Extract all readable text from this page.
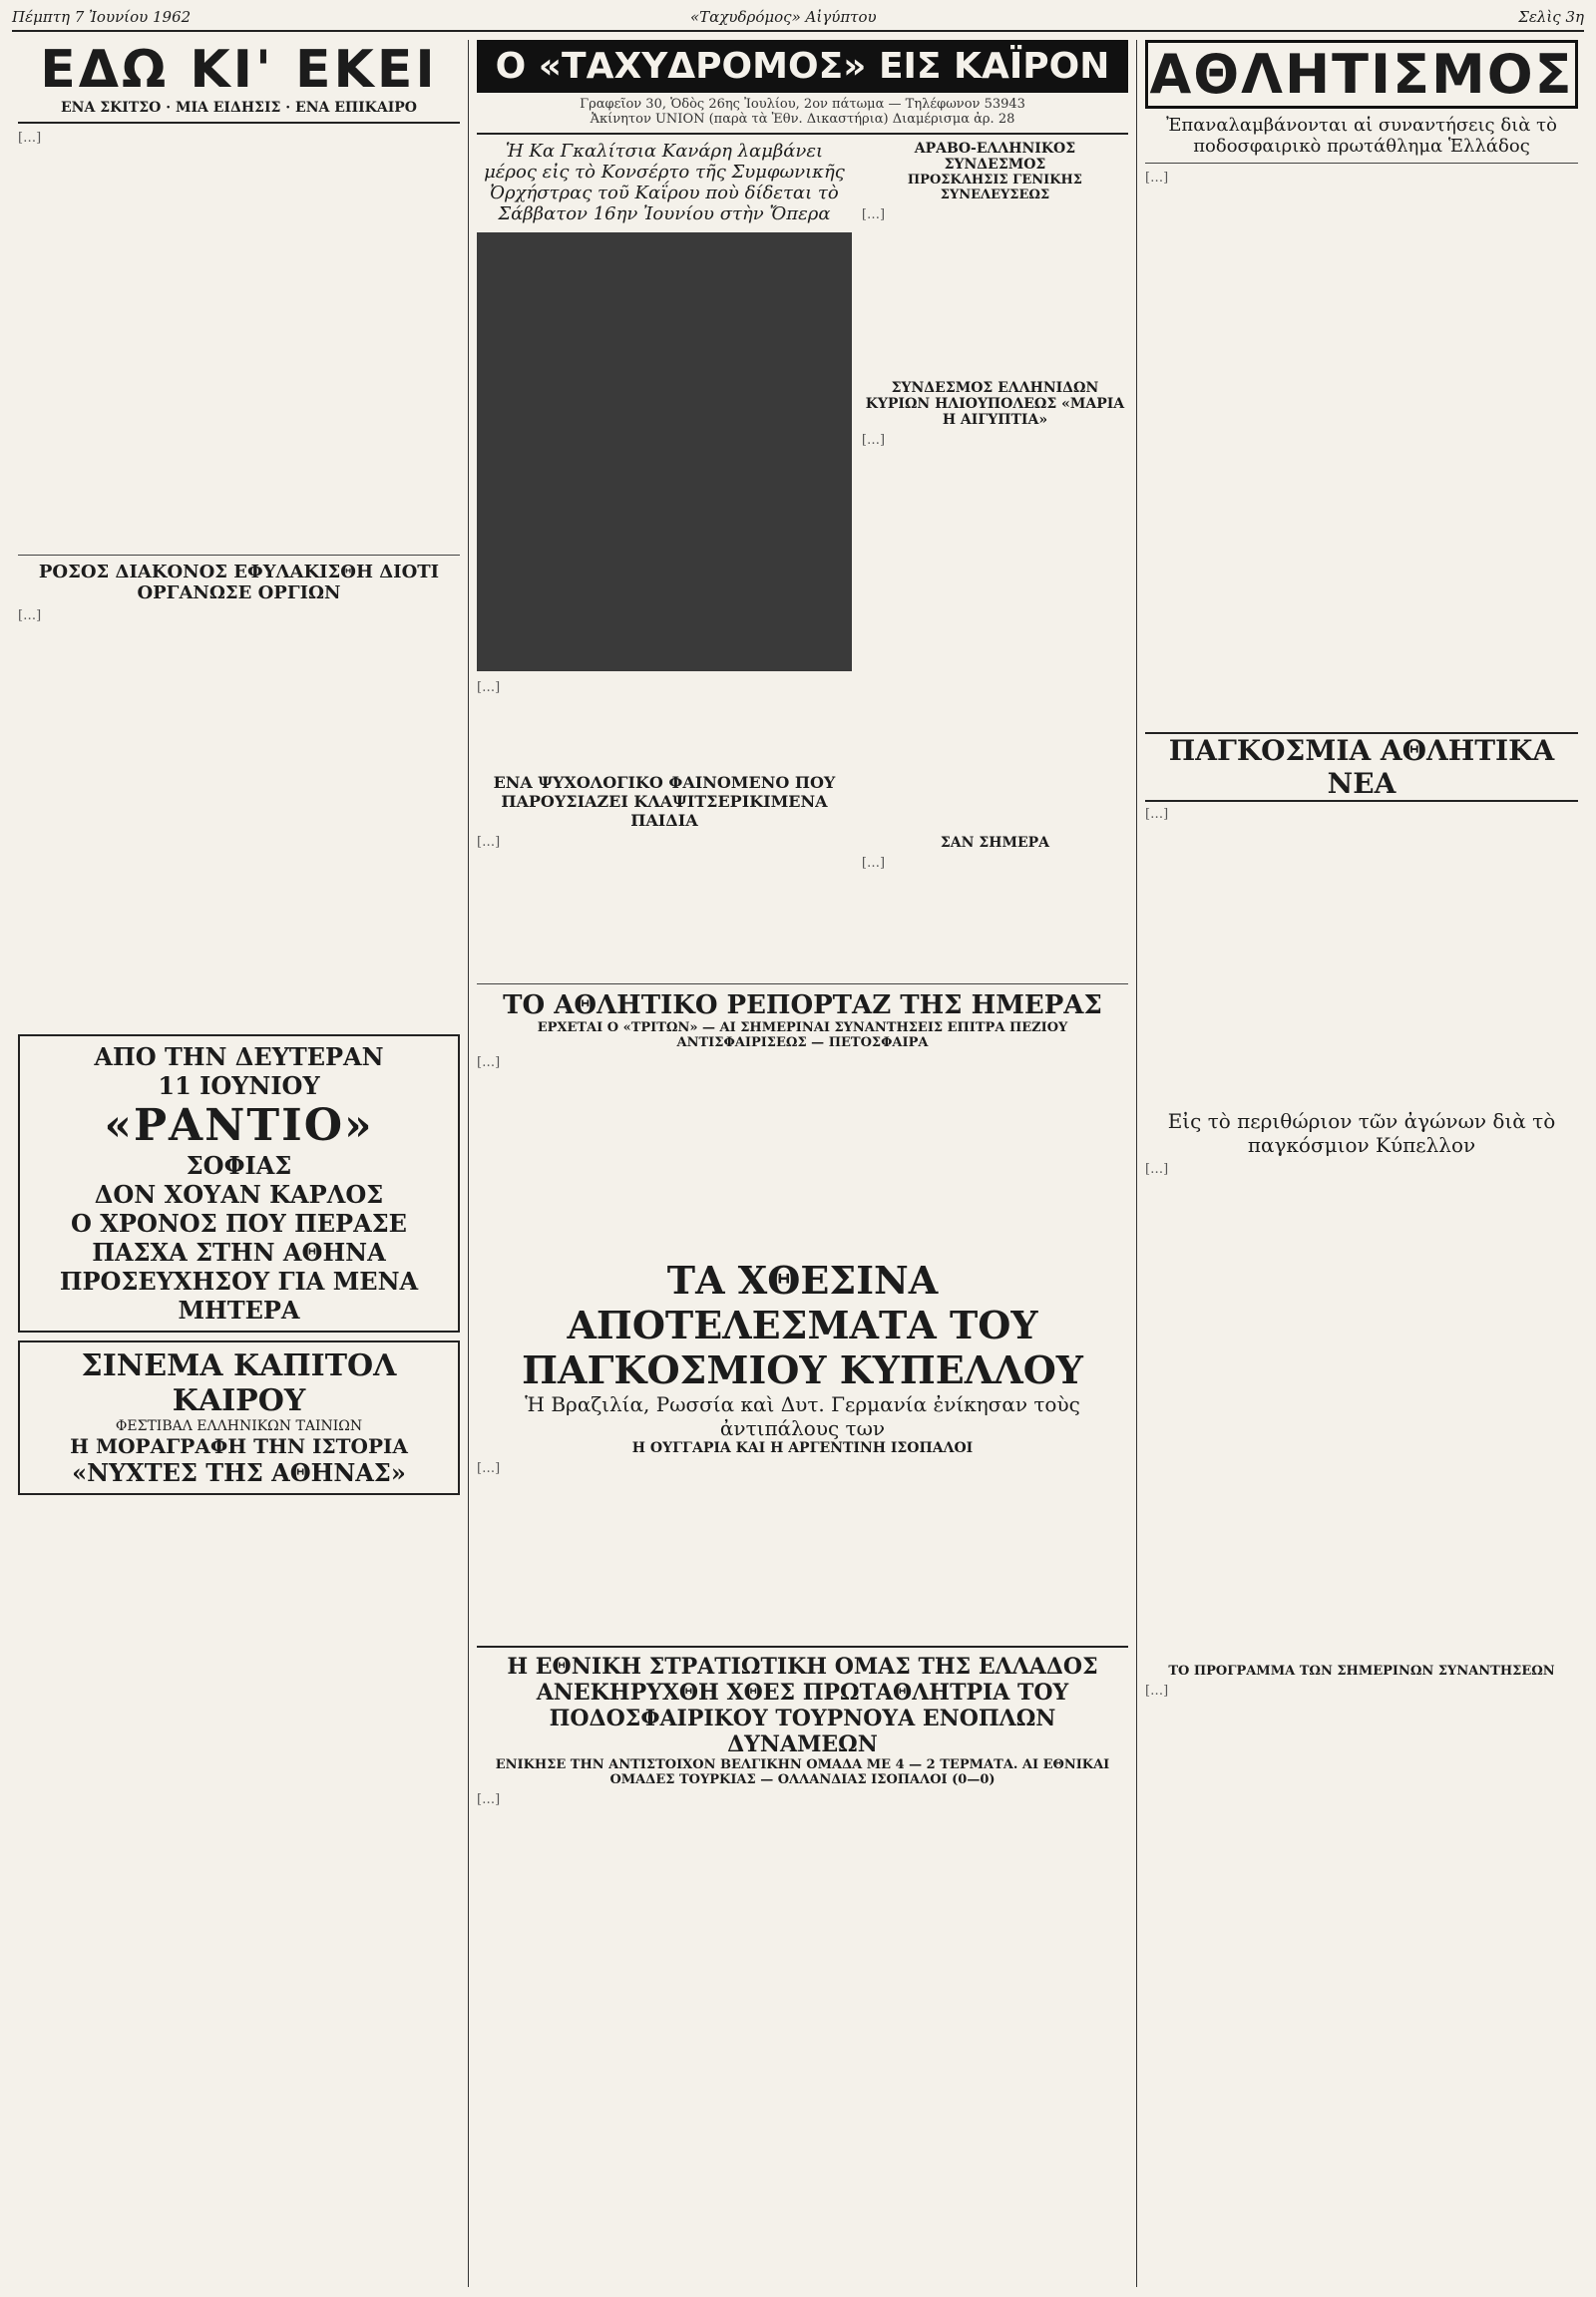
Πέμπτη 7 Ἰουνίου 1962	«Ταχυδρόμος» Αἰγύπτου	Σελὶς 3η
ΕΔΩ ΚΙ' ΕΚΕΙ
ΕΝΑ ΣΚΙΤΣΟ · ΜΙΑ ΕΙΔΗΣΙΣ · ΕΝΑ ΕΠΙΚΑΙΡΟ

[…]

ΡΟΣΟΣ ΔΙΑΚΟΝΟΣ ΕΦΥΛΑΚΙΣΘΗ ΔΙΟΤΙ ΟΡΓΑΝΩΣΕ ΟΡΓΙΩΝ

[…]

ΑΠΟ ΤΗΝ ΔΕΥΤΕΡΑΝ
11 ΙΟΥΝΙΟΥ
«ΡΑΝΤΙΟ»
ΣΟΦΙΑΣ
ΔΟΝ ΧΟΥΑΝ ΚΑΡΛΟΣ
Ο ΧΡΟΝΟΣ ΠΟΥ ΠΕΡΑΣΕ
ΠΑΣΧΑ ΣΤΗΝ ΑΘΗΝΑ
ΠΡΟΣΕΥΧΗΣΟΥ ΓΙΑ ΜΕΝΑ ΜΗΤΕΡΑ
ΣΙΝΕΜΑ ΚΑΠΙΤΟΛ ΚΑΙΡΟΥ
ΦΕΣΤΙΒΑΛ ΕΛΛΗΝΙΚΩΝ ΤΑΙΝΙΩΝ
Η ΜΟΡΑΓΡΑΦΗ ΤΗΝ ΙΣΤΟΡΙΑ
«ΝΥΧΤΕΣ ΤΗΣ ΑΘΗΝΑΣ»
Ο «ΤΑΧΥΔΡΟΜΟΣ» ΕΙΣ ΚΑΪΡΟΝ
Γραφεῖον 30, Ὁδὸς 26ης Ἰουλίου, 2ον πάτωμα — Τηλέφωνον 53943
Ἀκίνητον UNION (παρὰ τὰ Ἐθν. Δικαστήρια) Διαμέρισμα ἀρ. 28
Ἡ Κα Γκαλίτσια Κανάρη λαμβάνει μέρος εἰς τὸ Κονσέρτο τῆς Συμφωνικῆς Ὀρχήστρας τοῦ Καΐρου ποὺ δίδεται τὸ Σάββατον 16ην Ἰουνίου στὴν Ὄπερα

[…]

ΕΝΑ ΨΥΧΟΛΟΓΙΚΟ ΦΑΙΝΟΜΕΝΟ ΠΟΥ ΠΑΡΟΥΣΙΑΖΕΙ ΚΛΑΨΙΤΣΕΡΙΚΙΜΕΝΑ ΠΑΙΔΙΑ

[…]

ΑΡΑΒΟ-ΕΛΛΗΝΙΚΟΣ ΣΥΝΔΕΣΜΟΣ
ΠΡΟΣΚΛΗΣΙΣ ΓΕΝΙΚΗΣ ΣΥΝΕΛΕΥΣΕΩΣ

[…]

ΣΥΝΔΕΣΜΟΣ ΕΛΛΗΝΙΔΩΝ ΚΥΡΙΩΝ ΗΛΙΟΥΠΟΛΕΩΣ «ΜΑΡΙΑ Η ΑΙΓΥΠΤΙΑ»

[…]

ΣΑΝ ΣΗΜΕΡΑ

[…]

ΤΟ ΑΘΛΗΤΙΚΟ ΡΕΠΟΡΤΑΖ ΤΗΣ ΗΜΕΡΑΣ
ΕΡΧΕΤΑΙ Ο «ΤΡΙΤΩΝ» — ΑΙ ΣΗΜΕΡΙΝΑΙ ΣΥΝΑΝΤΗΣΕΙΣ ΕΠΙΤΡΑ ΠΕΖΙΟΥ ΑΝΤΙΣΦΑΙΡΙΣΕΩΣ — ΠΕΤΟΣΦΑΙΡΑ

[…]

ΤΑ ΧΘΕΣΙΝΑ ΑΠΟΤΕΛΕΣΜΑΤΑ ΤΟΥ ΠΑΓΚΟΣΜΙΟΥ ΚΥΠΕΛΛΟΥ
Ἡ Βραζιλία, Ρωσσία καὶ Δυτ. Γερμανία ἐνίκησαν τοὺς ἀντιπάλους των
Η ΟΥΓΓΑΡΙΑ ΚΑΙ Η ΑΡΓΕΝΤΙΝΗ ΙΣΟΠΑΛΟΙ

[…]

Η ΕΘΝΙΚΗ ΣΤΡΑΤΙΩΤΙΚΗ ΟΜΑΣ ΤΗΣ ΕΛΛΑΔΟΣ ΑΝΕΚΗΡΥΧΘΗ ΧΘΕΣ ΠΡΩΤΑΘΛΗΤΡΙΑ ΤΟΥ ΠΟΔΟΣΦΑΙΡΙΚΟΥ ΤΟΥΡΝΟΥΑ ΕΝΟΠΛΩΝ ΔΥΝΑΜΕΩΝ
ΕΝΙΚΗΣΕ ΤΗΝ ΑΝΤΙΣΤΟΙΧΟΝ ΒΕΛΓΙΚΗΝ ΟΜΑΔΑ ΜΕ 4 — 2 ΤΕΡΜΑΤΑ. ΑΙ ΕΘΝΙΚΑΙ ΟΜΑΔΕΣ ΤΟΥΡΚΙΑΣ — ΟΛΛΑΝΔΙΑΣ ΙΣΟΠΑΛΟΙ (0—0)

[…]

ΑΘΛΗΤΙΣΜΟΣ
Ἐπαναλαμβάνονται αἱ συναντήσεις διὰ τὸ ποδοσφαιρικὸ πρωτάθλημα Ἑλλάδος

[…]

ΠΑΓΚΟΣΜΙΑ ΑΘΛΗΤΙΚΑ ΝΕΑ

[…]

Εἰς τὸ περιθώριον τῶν ἀγώνων διὰ τὸ παγκόσμιον Κύπελλον

[…]

ΤΟ ΠΡΟΓΡΑΜΜΑ ΤΩΝ ΣΗΜΕΡΙΝΩΝ ΣΥΝΑΝΤΗΣΕΩΝ

[…]
